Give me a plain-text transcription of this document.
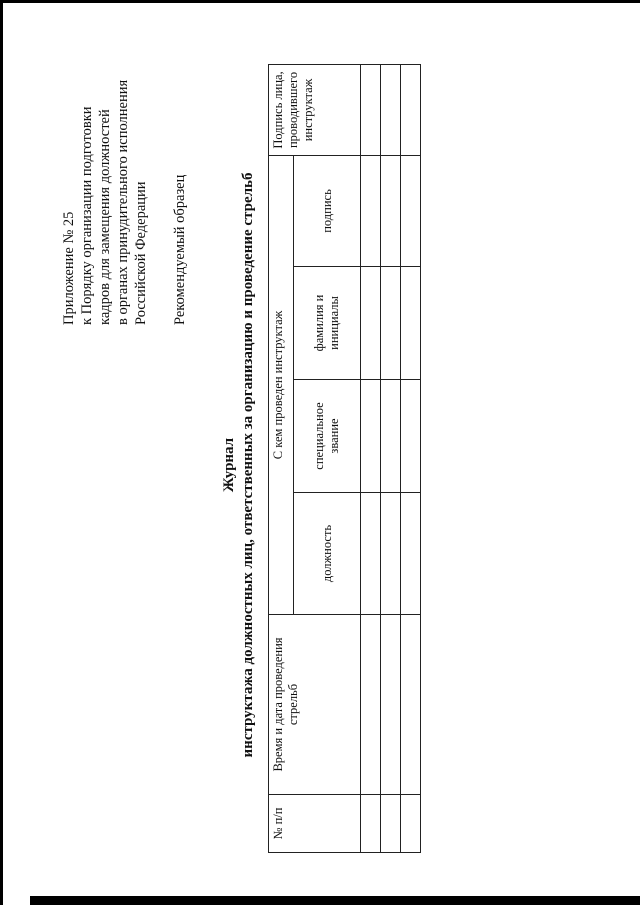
Приложение № 25 к Порядку организации подготовки кадров для замещения должностей в органах принудительного исполнения Российской Федерации Рекомендуемый образец
Журнал инструктажа должностных лиц, ответственных за организацию и проведение стрельб
№ п/п	Время и дата проведения стрельб	С кем проведен инструктаж				Подпись лица, проводившего инструктаж
		должность	специальное звание	фамилия и инициалы	подпись	
